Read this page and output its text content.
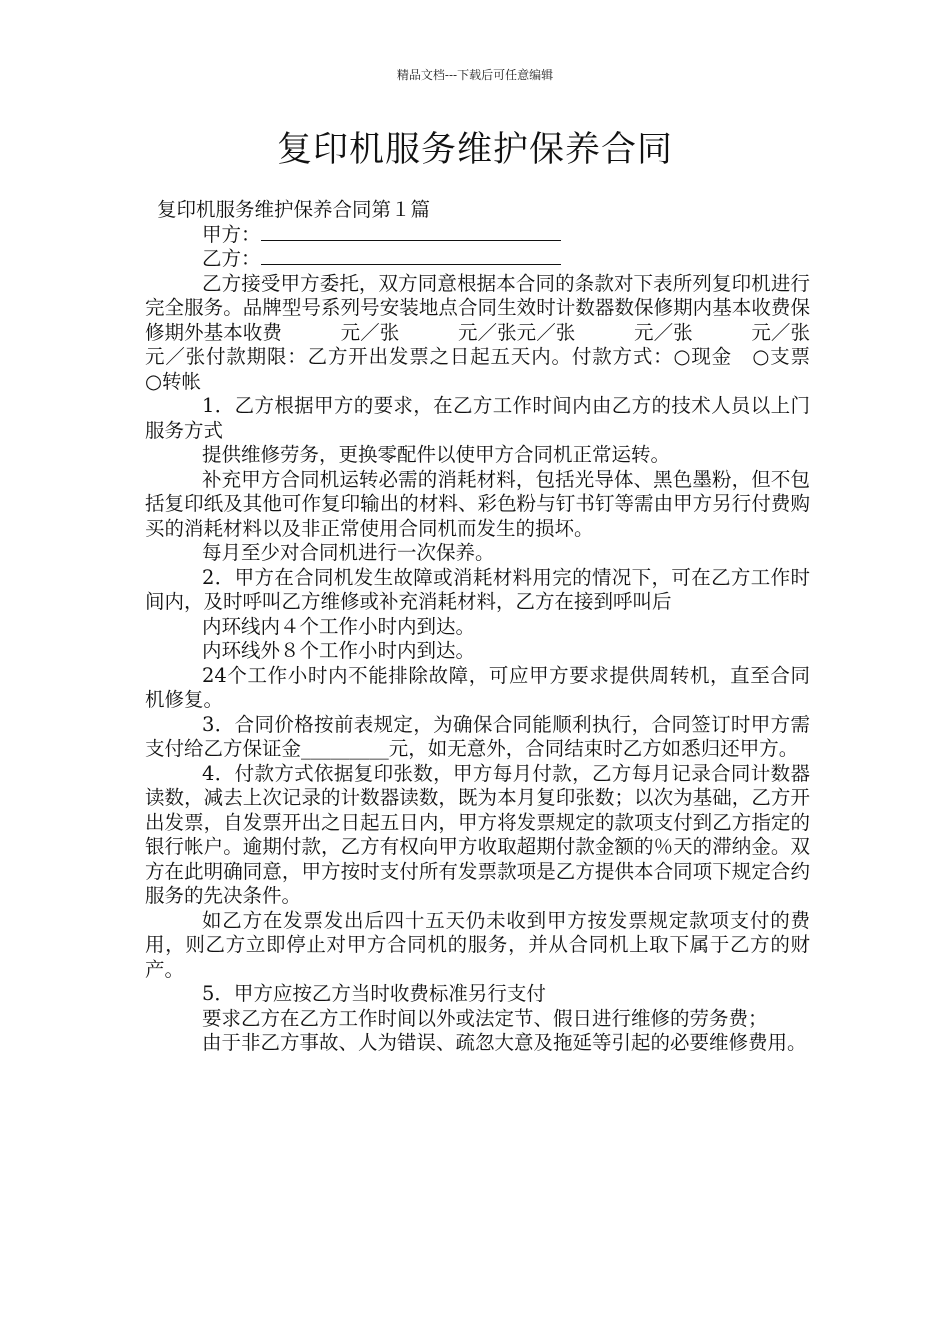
精品文档---下载后可任意编辑
复印机服务维护保养合同

复印机服务维护保养合同第１篇

甲方：

乙方：

乙方接受甲方委托，双方同意根据本合同的条款对下表所列复印机进行完全服务。品牌型号系列号安装地点合同生效时计数器数保修期内基本收费保修期外基本收费　　　元／张　　　元／张元／张　　　元／张　　　元／张　　　元／张付款期限：乙方开出发票之日起五天内。付款方式：○现金　○支票　○转帐

1．乙方根据甲方的要求，在乙方工作时间内由乙方的技术人员以上门服务方式

提供维修劳务，更换零配件以使甲方合同机正常运转。

补充甲方合同机运转必需的消耗材料，包括光导体、黑色墨粉，但不包括复印纸及其他可作复印输出的材料、彩色粉与钉书钉等需由甲方另行付费购买的消耗材料以及非正常使用合同机而发生的损坏。

每月至少对合同机进行一次保养。

2．甲方在合同机发生故障或消耗材料用完的情况下，可在乙方工作时间内，及时呼叫乙方维修或补充消耗材料，乙方在接到呼叫后

内环线内４个工作小时内到达。

内环线外８个工作小时内到达。

24个工作小时内不能排除故障，可应甲方要求提供周转机，直至合同机修复。

3．合同价格按前表规定，为确保合同能顺利执行，合同签订时甲方需支付给乙方保证金_________元，如无意外，合同结束时乙方如悉归还甲方。

4．付款方式依据复印张数，甲方每月付款，乙方每月记录合同计数器读数，减去上次记录的计数器读数，既为本月复印张数；以次为基础，乙方开出发票，自发票开出之日起五日内，甲方将发票规定的款项支付到乙方指定的银行帐户。逾期付款，乙方有权向甲方收取超期付款金额的％天的滞纳金。双方在此明确同意，甲方按时支付所有发票款项是乙方提供本合同项下规定合约服务的先决条件。

如乙方在发票发出后四十五天仍未收到甲方按发票规定款项支付的费用，则乙方立即停止对甲方合同机的服务，并从合同机上取下属于乙方的财产。

5．甲方应按乙方当时收费标准另行支付

要求乙方在乙方工作时间以外或法定节、假日进行维修的劳务费；

由于非乙方事故、人为错误、疏忽大意及拖延等引起的必要维修费用。
